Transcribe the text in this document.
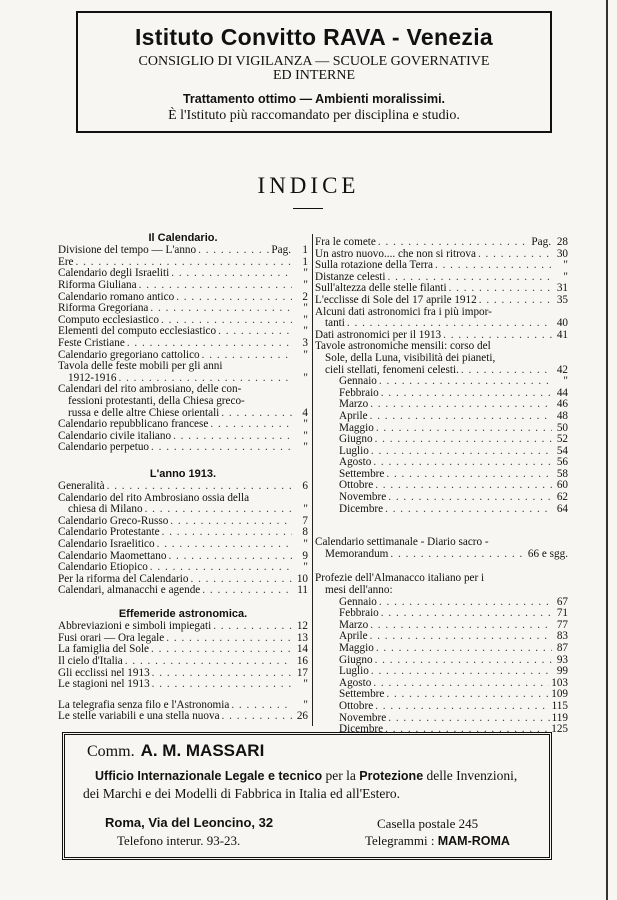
Istituto Convitto RAVA - Venezia
CONSIGLIO DI VIGILANZA — SCUOLE GOVERNATIVE
ED INTERNE
Trattamento ottimo — Ambienti moralissimi.
È l'Istituto più raccomandato per disciplina e studio.
INDICE
Il Calendario.
Divisione del tempo — L'anno . . .	Pag.	1
Ere . . .	1
Calendario degli Israeliti . . .	"
Riforma Giuliana . . .	"
Calendario romano antico . . .	2
Riforma Gregoriana . . .	"
Computo ecclesiastico . . .	"
Elementi del computo ecclesiastico . . .	"
Feste Cristiane . . .	3
Calendario gregoriano cattolico . . .	"
Tavola delle feste mobili per gli anni
1912-1916 . . .	"
Calendari del rito ambrosiano, delle con-
fessioni protestanti, della Chiesa greco-
russa e delle altre Chiese orientali . . .	4
Calendario repubblicano francese . . .	"
Calendario civile italiano . . .	"
Calendario perpetuo . . .	"
L'anno 1913.
Generalità . . .	6
Calendario del rito Ambrosiano ossia della
chiesa di Milano . . .	"
Calendario Greco-Russo . . .	7
Calendario Protestante . . .	8
Calendario Israelitico . . .	"
Calendario Maomettano . . .	9
Calendario Etiopico . . .	"
Per la riforma del Calendario . . .	10
Calendari, almanacchi e agende . . .	11
Effemeride astronomica.
Abbreviazioni e simboli impiegati . . .	12
Fusi orari — Ora legale . . .	13
La famiglia del Sole . . .	14
Il cielo d'Italia . . .	16
Gli ecclissi nel 1913 . . .	17
Le stagioni nel 1913 . . .	"
La telegrafia senza filo e l'Astronomia . . .	"
Le stelle variabili e una stella nuova . . .	26
Fra le comete . . .	Pag. 28
Un astro nuovo.... che non si ritrova . . .	30
Sulla rotazione della Terra . . .	"
Distanze celesti . . .	"
Sull'altezza delle stelle filanti . . .	31
L'ecclisse di Sole del 17 aprile 1912 . . .	35
Alcuni dati astronomici fra i più impor-
tanti . . .	40
Dati astronomici per il 1913 . . .	41
Tavole astronomiche mensili: corso del
Sole, della Luna, visibilità dei pianeti,
cieli stellati, fenomeni celesti. . . .	42
Gennaio . . .	"
Febbraio . . .	44
Marzo . . .	46
Aprile . . .	48
Maggio . . .	50
Giugno . . .	52
Luglio . . .	54
Agosto . . .	56
Settembre . . .	58
Ottobre . . .	60
Novembre . . .	62
Dicembre . . .	64
Calendario settimanale - Diario sacro -
Memorandum . . .	66 e sgg.
Profezie dell'Almanacco italiano per i
mesi dell'anno:
Gennaio . . .	67
Febbraio . . .	71
Marzo . . .	77
Aprile . . .	83
Maggio . . .	87
Giugno . . .	93
Luglio . . .	99
Agosto . . .	103
Settembre . . .	109
Ottobre . . .	115
Novembre . . .	119
Dicembre . . .	125
Comm. A. M. MASSARI
Ufficio Internazionale Legale e tecnico per la Protezione delle Invenzioni, dei Marchi e dei Modelli di Fabbrica in Italia ed all'Estero.
Roma, Via del Leoncino, 32
Telefono interur. 93-23.
Casella postale 245
Telegrammi : MAM-ROMA
